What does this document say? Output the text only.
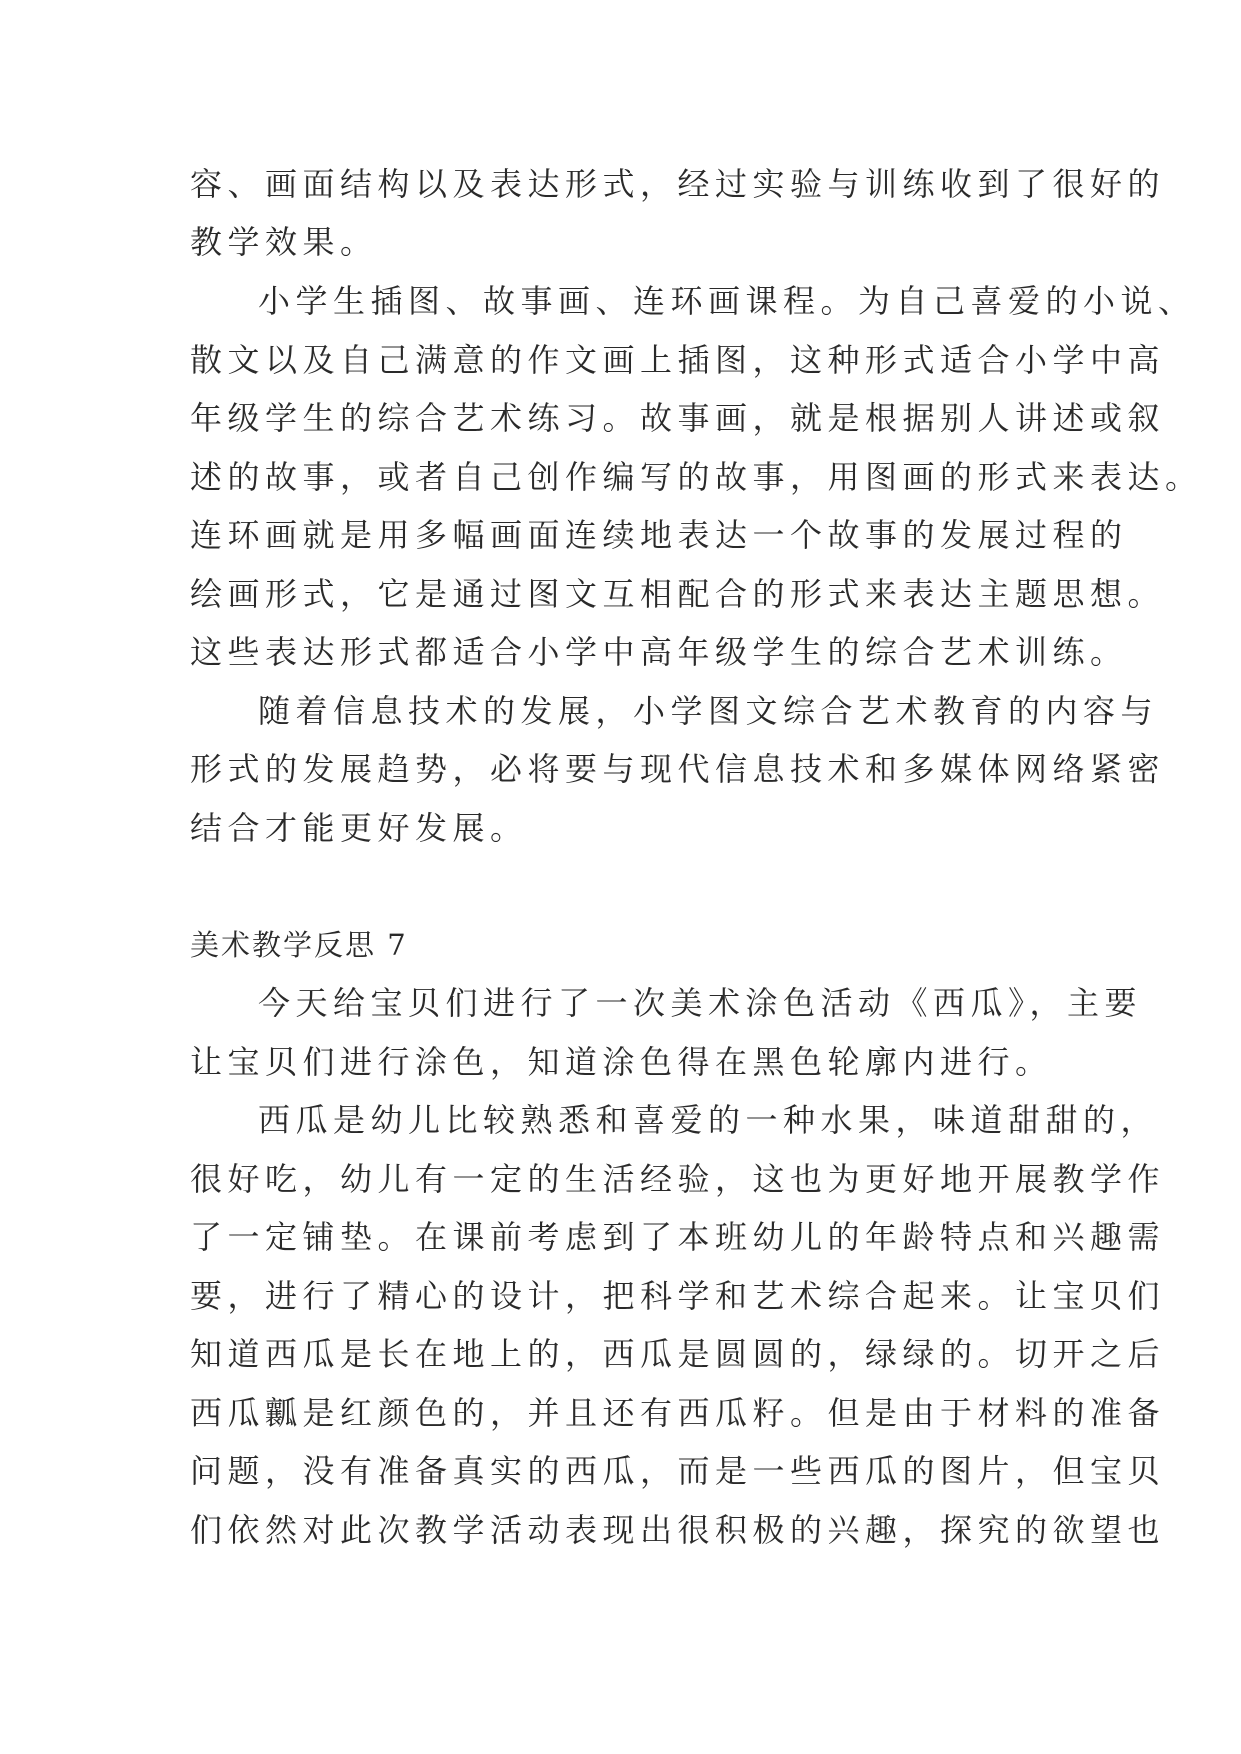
容、画面结构以及表达形式，经过实验与训练收到了很好的
教学效果。
小学生插图、故事画、连环画课程。为自己喜爱的小说、
散文以及自己满意的作文画上插图，这种形式适合小学中高
年级学生的综合艺术练习。故事画，就是根据别人讲述或叙
述的故事，或者自己创作编写的故事，用图画的形式来表达。
连环画就是用多幅画面连续地表达一个故事的发展过程的
绘画形式，它是通过图文互相配合的形式来表达主题思想。
这些表达形式都适合小学中高年级学生的综合艺术训练。
随着信息技术的发展，小学图文综合艺术教育的内容与
形式的发展趋势，必将要与现代信息技术和多媒体网络紧密
结合才能更好发展。
美术教学反思 7
今天给宝贝们进行了一次美术涂色活动《西瓜》，主要
让宝贝们进行涂色，知道涂色得在黑色轮廓内进行。
西瓜是幼儿比较熟悉和喜爱的一种水果，味道甜甜的，
很好吃，幼儿有一定的生活经验，这也为更好地开展教学作
了一定铺垫。在课前考虑到了本班幼儿的年龄特点和兴趣需
要，进行了精心的设计，把科学和艺术综合起来。让宝贝们
知道西瓜是长在地上的，西瓜是圆圆的，绿绿的。切开之后
西瓜瓤是红颜色的，并且还有西瓜籽。但是由于材料的准备
问题，没有准备真实的西瓜，而是一些西瓜的图片，但宝贝
们依然对此次教学活动表现出很积极的兴趣，探究的欲望也
